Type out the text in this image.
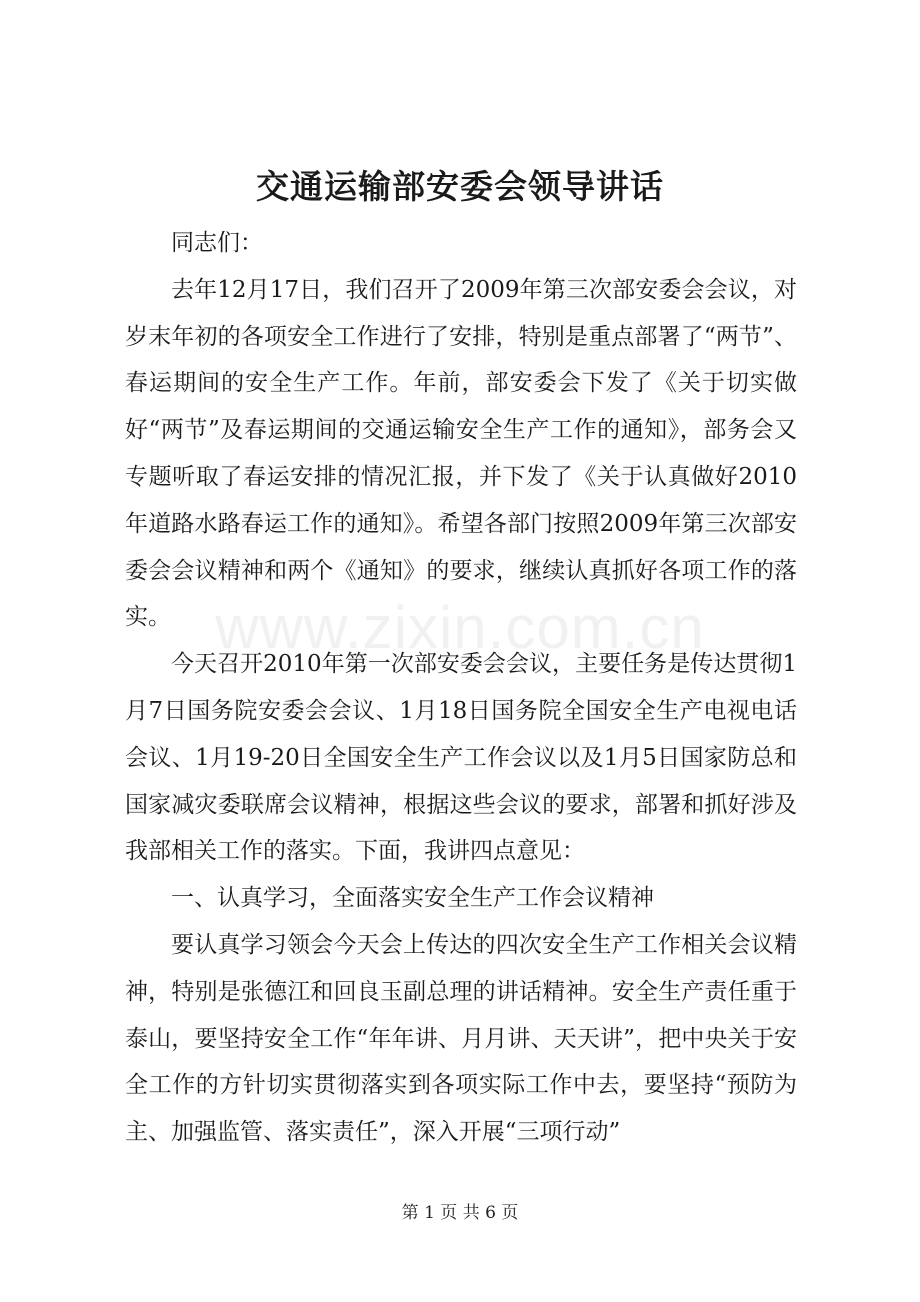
交通运输部安委会领导讲话

同志们：

去年12月17日，我们召开了2009年第三次部安委会会议，对岁末年初的各项安全工作进行了安排，特别是重点部署了“两节”、春运期间的安全生产工作。年前，部安委会下发了《关于切实做好“两节”及春运期间的交通运输安全生产工作的通知》，部务会又专题听取了春运安排的情况汇报，并下发了《关于认真做好2010年道路水路春运工作的通知》。希望各部门按照2009年第三次部安委会会议精神和两个《通知》的要求，继续认真抓好各项工作的落实。

今天召开2010年第一次部安委会会议，主要任务是传达贯彻1月7日国务院安委会会议、1月18日国务院全国安全生产电视电话会议、1月19-20日全国安全生产工作会议以及1月5日国家防总和国家减灾委联席会议精神，根据这些会议的要求，部署和抓好涉及我部相关工作的落实。下面，我讲四点意见：

一、认真学习，全面落实安全生产工作会议精神

要认真学习领会今天会上传达的四次安全生产工作相关会议精神，特别是张德江和回良玉副总理的讲话精神。安全生产责任重于泰山，要坚持安全工作“年年讲、月月讲、天天讲”，把中央关于安全工作的方针切实贯彻落实到各项实际工作中去，要坚持“预防为主、加强监管、落实责任”，深入开展“三项行动”

www.zixin.com.cn
第 1 页 共 6 页
